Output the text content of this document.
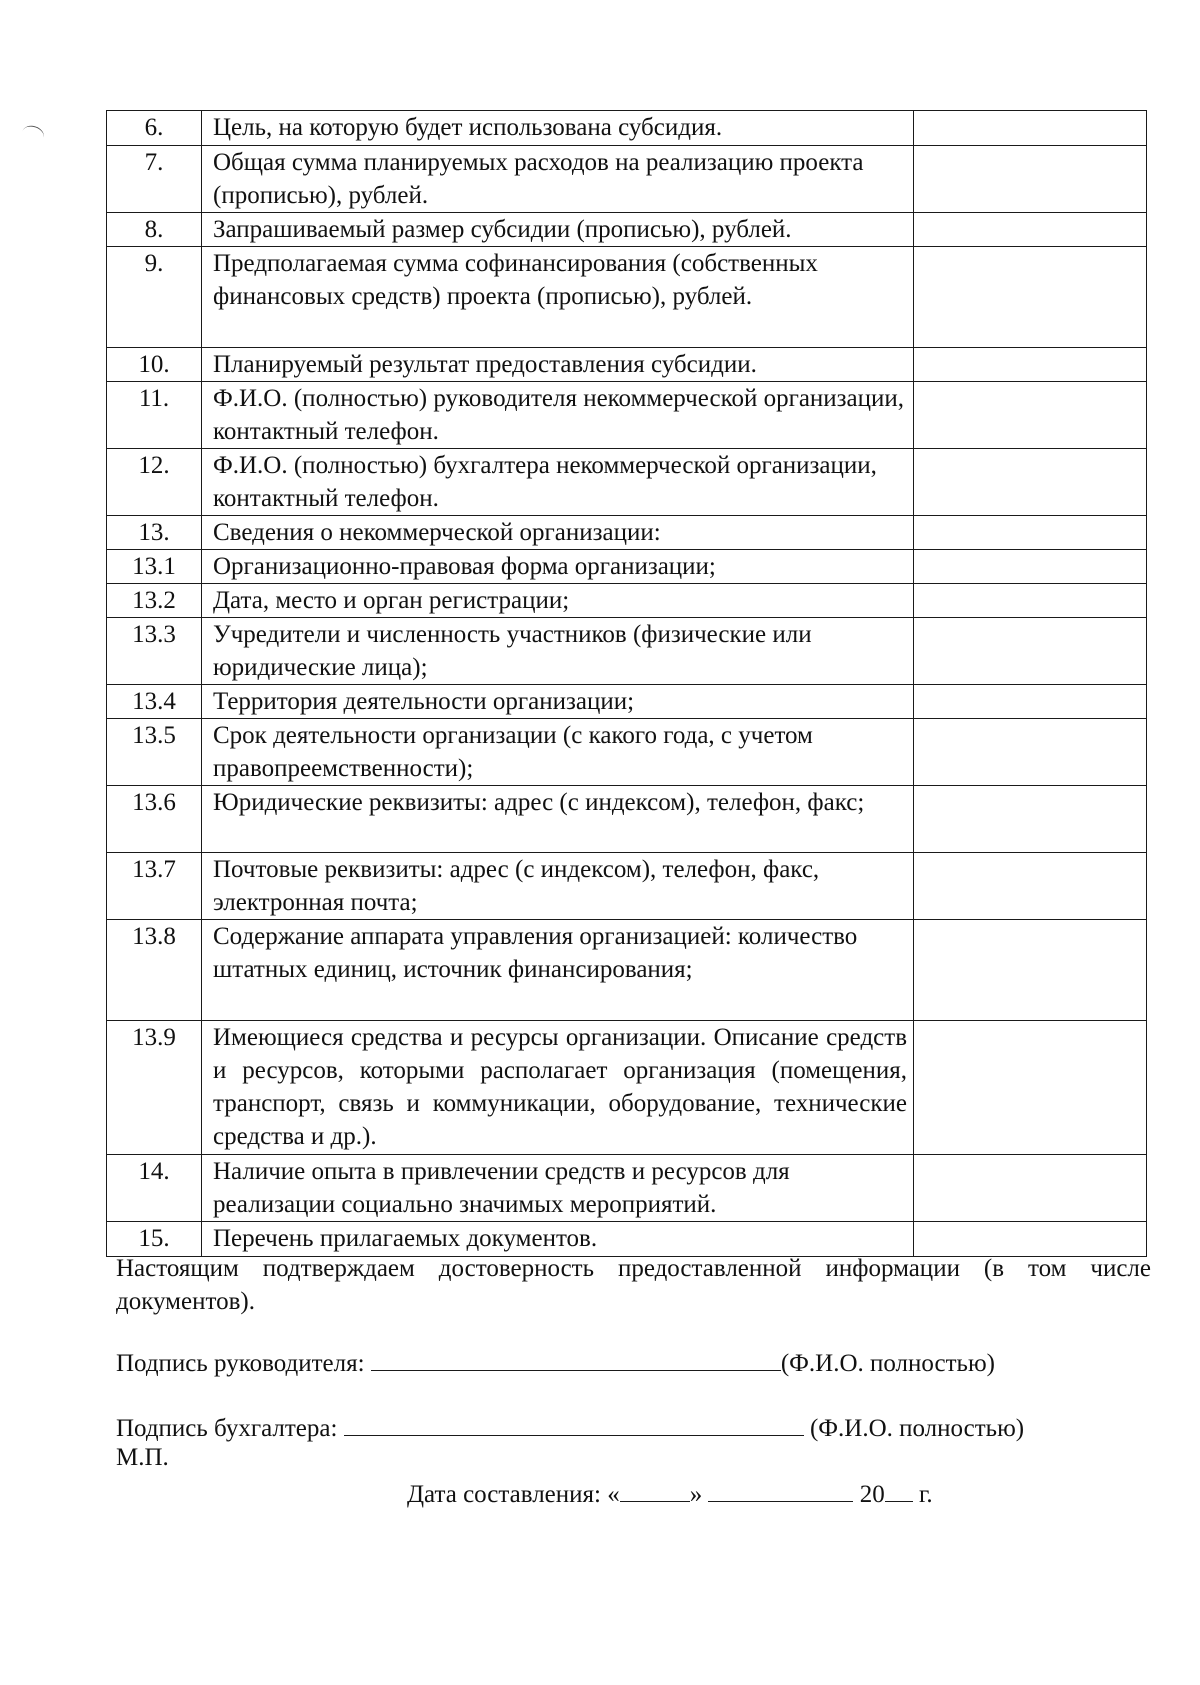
6.	Цель, на которую будет использована субсидия.	
7.	Общая сумма планируемых расходов на реализацию проекта (прописью), рублей.	
8.	Запрашиваемый размер субсидии (прописью), рублей.	
9.	Предполагаемая сумма софинансирования (собственных финансовых средств) проекта (прописью), рублей.	
10.	Планируемый результат предоставления субсидии.	
11.	Ф.И.О. (полностью) руководителя некоммерческой организации, контактный телефон.	
12.	Ф.И.О. (полностью) бухгалтера некоммерческой организации, контактный телефон.	
13.	Сведения о некоммерческой организации:	
13.1	Организационно-правовая форма организации;	
13.2	Дата, место и орган регистрации;	
13.3	Учредители и численность участников (физические или юридические лица);	
13.4	Территория деятельности организации;	
13.5	Срок деятельности организации (с какого года, с учетом правопреемственности);	
13.6	Юридические реквизиты: адрес (с индексом), телефон, факс;	
13.7	Почтовые реквизиты: адрес (с индексом), телефон, факс, электронная почта;	
13.8	Содержание аппарата управления организацией: количество штатных единиц, источник финансирования;	
13.9	Имеющиеся средства и ресурсы организации. Описание средств и ресурсов, которыми располагает организация (помещения, транспорт, связь и коммуникации, оборудование, технические средства и др.).	
14.	Наличие опыта в привлечении средств и ресурсов для реализации социально значимых мероприятий.	
15.	Перечень прилагаемых документов.	

Настоящим подтверждаем достоверность предоставленной информации (в том числе документов).

Подпись руководителя:	(Ф.И.О. полностью)
Подпись бухгалтера:	(Ф.И.О. полностью)
М.П.
Дата составления: «	»	20 г.
